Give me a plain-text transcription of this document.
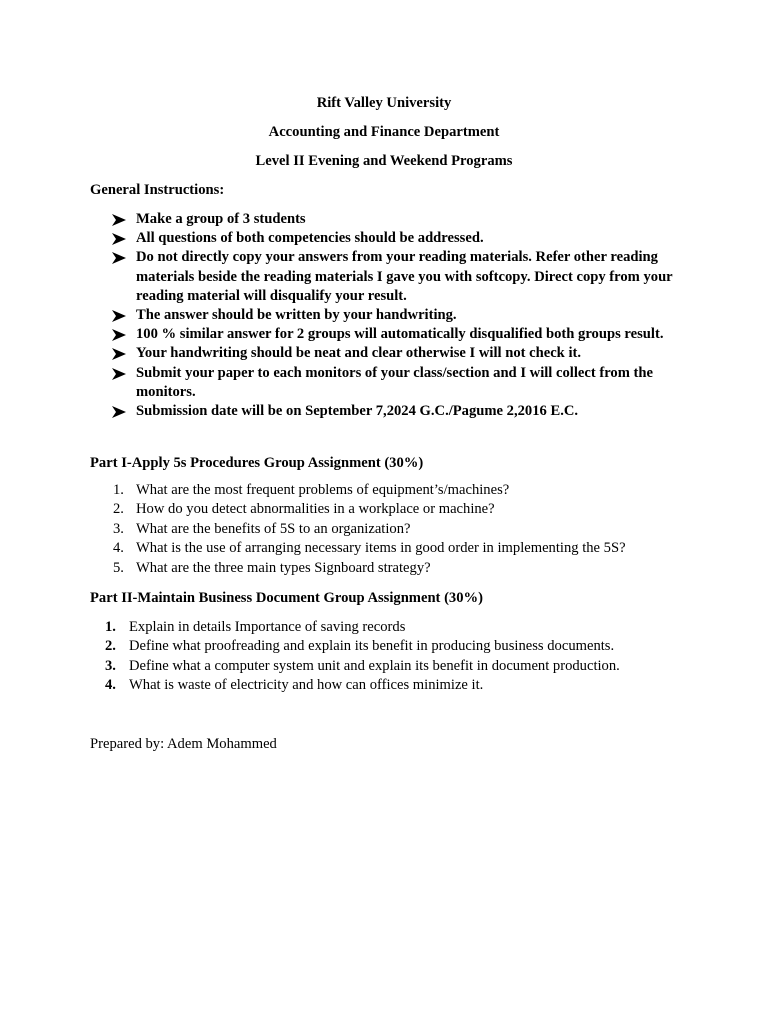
Rift Valley University
Accounting and Finance Department
Level II Evening and Weekend Programs
General Instructions:
Make a group of 3 students
All questions of both competencies should be addressed.
Do not directly copy your answers from your reading materials. Refer other reading materials beside the reading materials I gave you with softcopy. Direct copy from your reading material will disqualify your result.
The answer should be written by your handwriting.
100 % similar answer for 2 groups will automatically disqualified both groups result.
Your handwriting should be neat and clear otherwise I will not check it.
Submit your paper to each monitors of your class/section and I will collect from the monitors.
Submission date will be on September 7,2024 G.C./Pagume 2,2016 E.C.
Part I-Apply 5s Procedures Group Assignment (30%)
1. What are the most frequent problems of equipment’s/machines?
2. How do you detect abnormalities in a workplace or machine?
3. What are the benefits of 5S to an organization?
4. What is the use of arranging necessary items in good order in implementing the 5S?
5. What are the three main types Signboard strategy?
Part II-Maintain Business Document Group Assignment (30%)
1. Explain in details Importance of saving records
2. Define what proofreading and explain its benefit in producing business documents.
3. Define what a computer system unit and explain its benefit in document production.
4. What is waste of electricity and how can offices minimize it.
Prepared by: Adem Mohammed
